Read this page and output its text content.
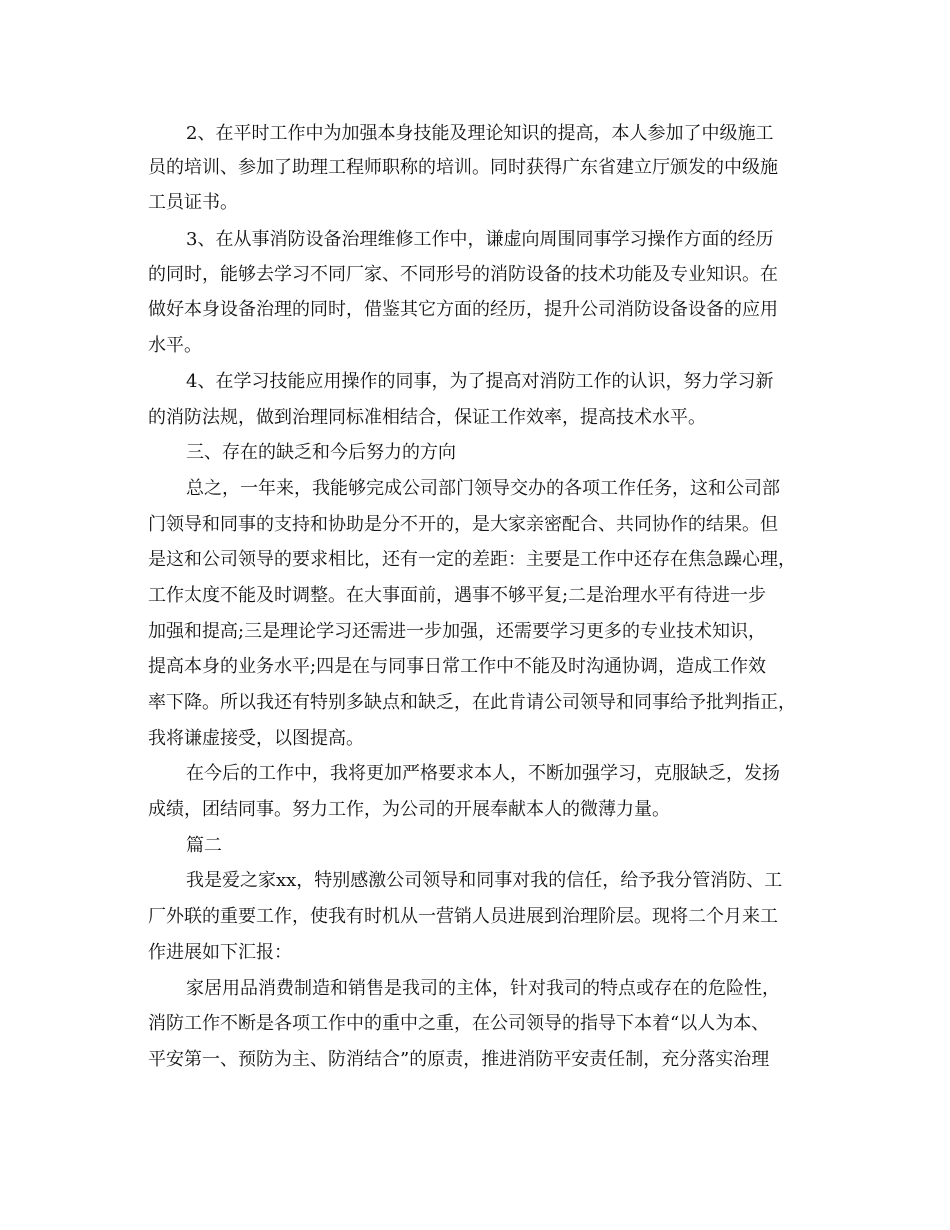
2、在平时工作中为加强本身技能及理论知识的提高，本人参加了中级施工
员的培训、参加了助理工程师职称的培训。同时获得广东省建立厅颁发的中级施
工员证书。
3、在从事消防设备治理维修工作中，谦虚向周围同事学习操作方面的经历
的同时，能够去学习不同厂家、不同形号的消防设备的技术功能及专业知识。在
做好本身设备治理的同时，借鉴其它方面的经历，提升公司消防设备设备的应用
水平。
4、在学习技能应用操作的同事，为了提高对消防工作的认识，努力学习新
的消防法规，做到治理同标准相结合，保证工作效率，提高技术水平。
三、存在的缺乏和今后努力的方向
总之，一年来，我能够完成公司部门领导交办的各项工作任务，这和公司部
门领导和同事的支持和协助是分不开的，是大家亲密配合、共同协作的结果。但
是这和公司领导的要求相比，还有一定的差距：主要是工作中还存在焦急躁心理，
工作太度不能及时调整。在大事面前，遇事不够平复;二是治理水平有待进一步
加强和提高;三是理论学习还需进一步加强，还需要学习更多的专业技术知识，
提高本身的业务水平;四是在与同事日常工作中不能及时沟通协调，造成工作效
率下降。所以我还有特别多缺点和缺乏，在此肯请公司领导和同事给予批判指正，
我将谦虚接受，以图提高。
在今后的工作中，我将更加严格要求本人，不断加强学习，克服缺乏，发扬
成绩，团结同事。努力工作，为公司的开展奉献本人的微薄力量。
篇二
我是爱之家xx，特别感激公司领导和同事对我的信任，给予我分管消防、工
厂外联的重要工作，使我有时机从一营销人员进展到治理阶层。现将二个月来工
作进展如下汇报：
家居用品消费制造和销售是我司的主体，针对我司的特点或存在的危险性，
消防工作不断是各项工作中的重中之重，在公司领导的指导下本着“以人为本、
平安第一、预防为主、防消结合”的原责，推进消防平安责任制，充分落实治理
